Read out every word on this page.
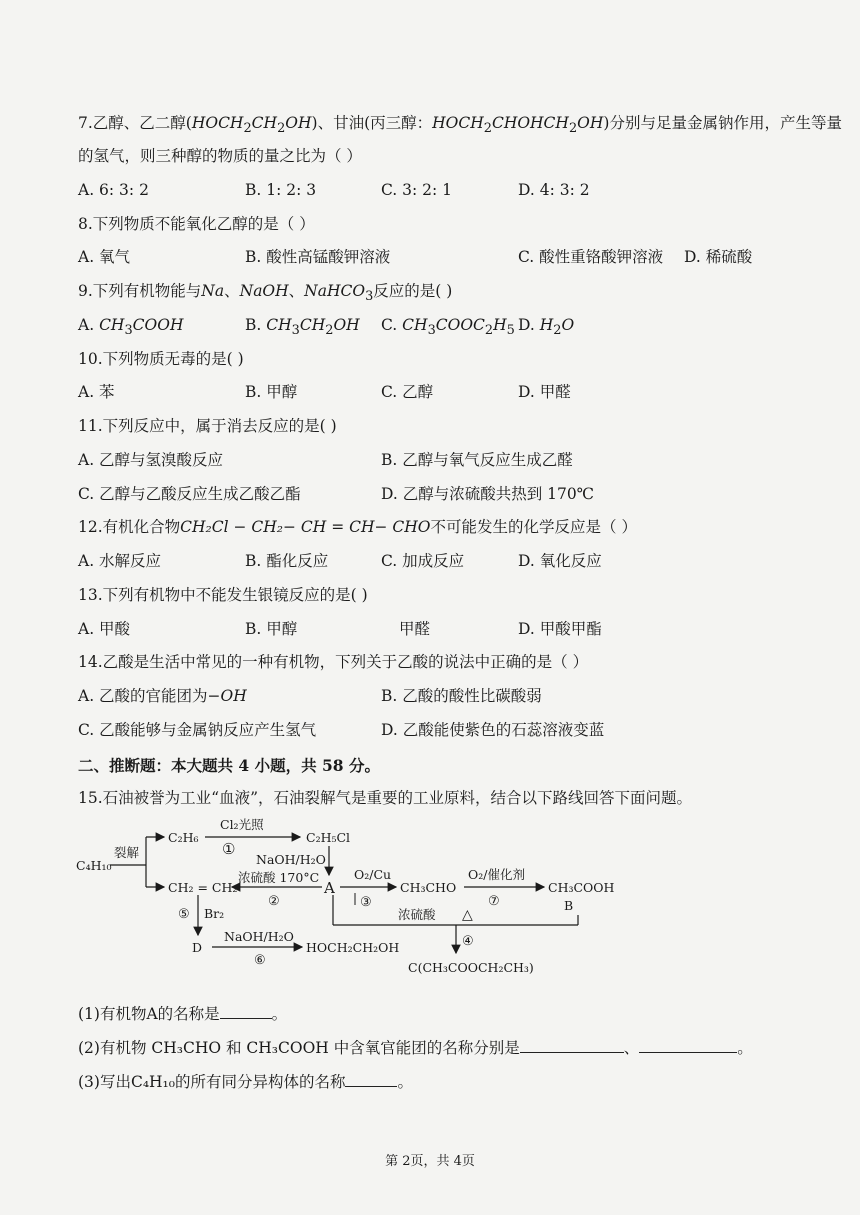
7.乙醇、乙二醇$(HOCH_2CH_2OH)$、甘油(丙三醇：$HOCH_2CHOHCH_2OH$)分别与足量金属钠作用，产生等量
的氢气，则三种醇的物质的量之比为（ ）
A. 6: 3: 2	B. 1: 2: 3	C. 3: 2: 1	D. 4: 3: 2
8.下列物质不能氧化乙醇的是（ ）
A. 氧气	B. 酸性高锰酸钾溶液	C. 酸性重铬酸钾溶液 D. 稀硫酸
9.下列有机物能与Na、NaOH、NaHCO$_3$反应的是( )
A. $CH_3COOH$	B. $CH_3CH_2OH$ C. $CH_3COOC_2H_5$ D. $H_2O$
10.下列物质无毒的是( )
A. 苯	B. 甲醇	C. 乙醇	D. 甲醛
11.下列反应中，属于消去反应的是( )
A. 乙醇与氢溴酸反应	B. 乙醇与氧气反应生成乙醛
C. 乙醇与乙酸反应生成乙酸乙酯	D. 乙醇与浓硫酸共热到 170℃
12.有机化合物CH₂Cl − CH₂− CH = CH− CHO不可能发生的化学反应是（ ）
A. 水解反应	B. 酯化反应	C. 加成反应	D. 氧化反应
13.下列有机物中不能发生银镜反应的是( )
A. 甲酸	B. 甲醇	甲醛	D. 甲酸甲酯
14.乙酸是生活中常见的一种有机物，下列关于乙酸的说法中正确的是（ ）
A. 乙酸的官能团为−OH	B. 乙酸的酸性比碳酸弱
C. 乙酸能够与金属钠反应产生氢气	D. 乙酸能使紫色的石蕊溶液变蓝
二、推断题：本大题共 4 小题，共 58 分。
15.石油被誉为工业“血液”，石油裂解气是重要的工业原料，结合以下路线回答下面问题。
C₄H₁₀
裂解
C₂H₆
Cl₂光照
①
C₂H₅Cl
NaOH/H₂O
CH₂ = CH₂
浓硫酸 170°C
②
A
O₂/Cu
③
CH₃CHO
O₂/催化剂
⑦
CH₃COOH
B
浓硫酸 △
④
C(CH₃COOCH₂CH₃)
⑤ Br₂
D
NaOH/H₂O
⑥
HOCH₂CH₂OH
(1)有机物A的名称是	。
(2)有机物 CH₃CHO 和 CH₃COOH 中含氧官能团的名称分别是	、	。
(3)写出C₄H₁₀的所有同分异构体的名称	。
第 2页，共 4页
